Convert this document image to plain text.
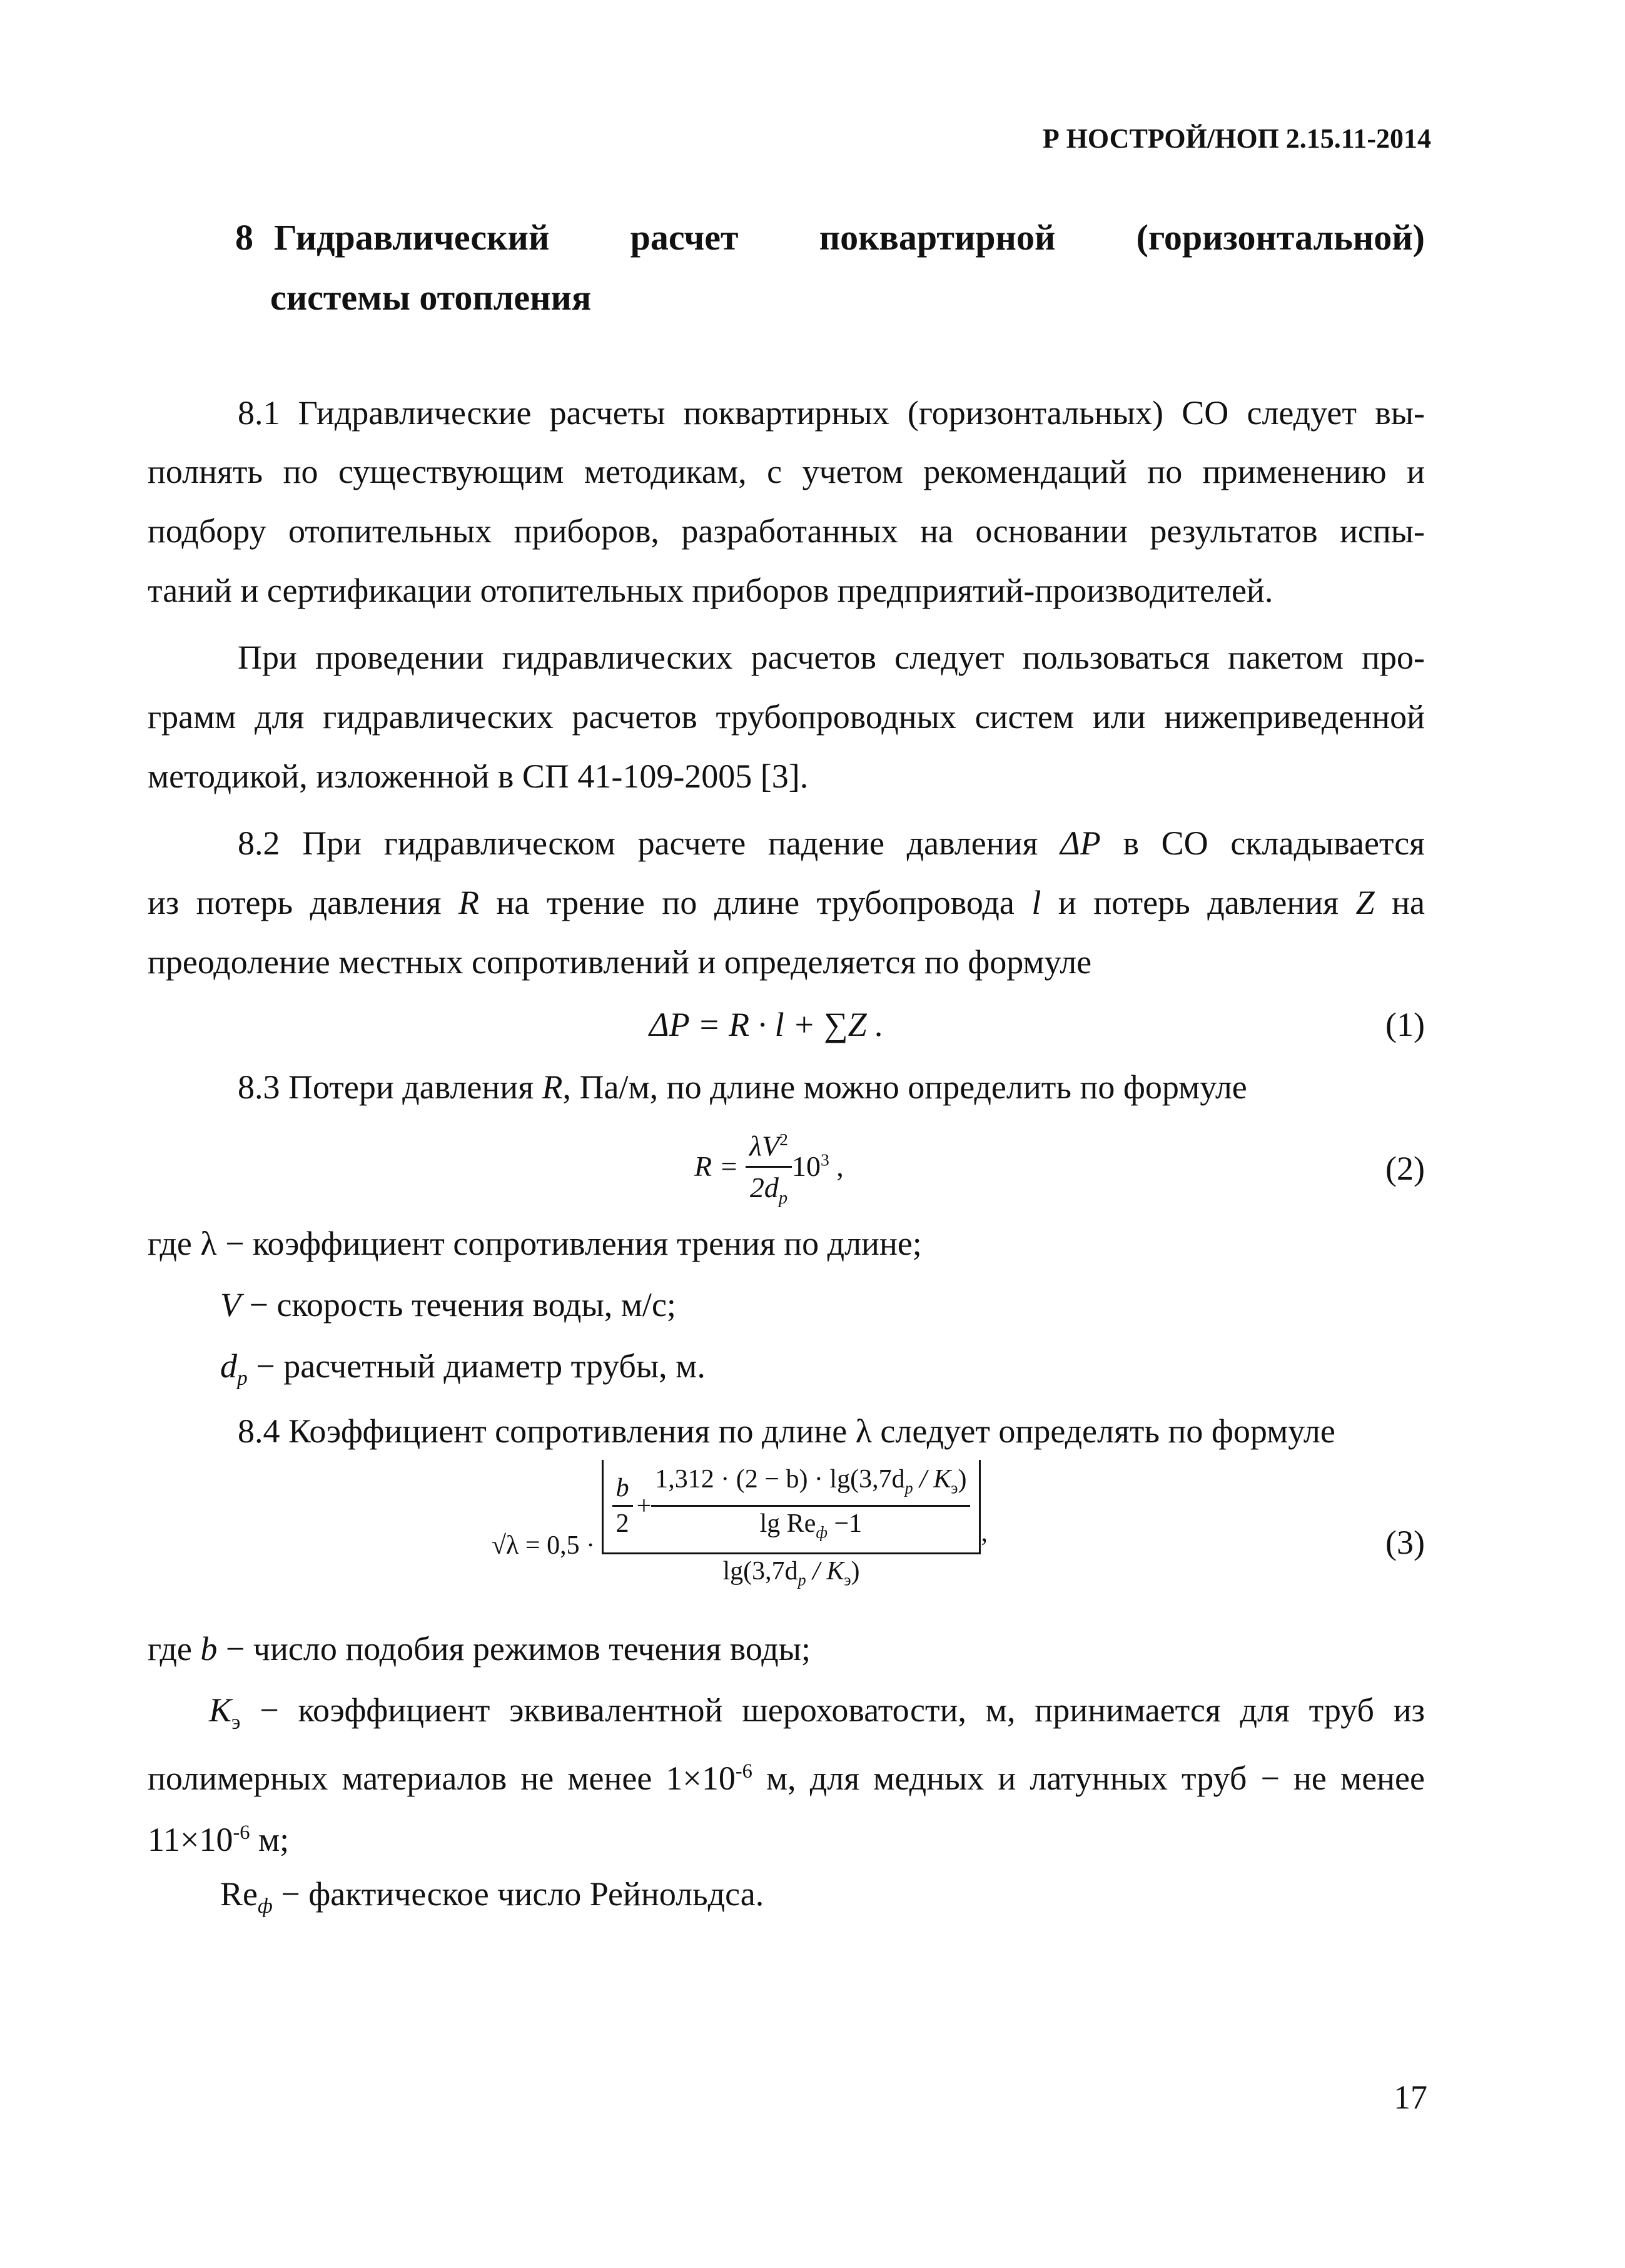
Р НОСТРОЙ/НОП 2.15.11-2014
8 Гидравлический расчет поквартирной (горизонтальной)
системы отопления
8.1 Гидравлические расчеты поквартирных (горизонтальных) СО следует вы-
полнять по существующим методикам, с учетом рекомендаций по применению и
подбору отопительных приборов, разработанных на основании результатов испы-
таний и сертификации отопительных приборов предприятий-производителей.
При проведении гидравлических расчетов следует пользоваться пакетом про-
грамм для гидравлических расчетов трубопроводных систем или нижеприведенной
методикой, изложенной в СП 41-109-2005 [3].
8.2 При гидравлическом расчете падение давления ΔP в СО складывается
из потерь давления R на трение по длине трубопровода l и потерь давления Z на
преодоление местных сопротивлений и определяется по формуле
ΔP = R · l + ∑Z .	(1)
8.3 Потери давления R, Па/м, по длине можно определить по формуле
$R = \frac{\lambda V^2}{2d_p} 10^3$ ,	(2)
где λ − коэффициент сопротивления трения по длине;
V − скорость течения воды, м/с;
$d_p$ − расчетный диаметр трубы, м.
8.4 Коэффициент сопротивления по длине λ следует определять по формуле
√λ = 0,5 ·
$\frac{b}{2} + \frac{1,312 \cdot (2 - b) \cdot \lg(3,7d_p / K_э)}{\lg Re_ф -1}$
$\lg(3,7d_p / K_э)$
,	(3)
где b − число подобия режимов течения воды;
$K_э$ − коэффициент эквивалентной шероховатости, м, принимается для труб из
полимерных материалов не менее $1\times 10^{-6}$ м, для медных и латунных труб − не менее
$11\times 10^{-6}$ м;
$Re_ф$ − фактическое число Рейнольдса.
17
